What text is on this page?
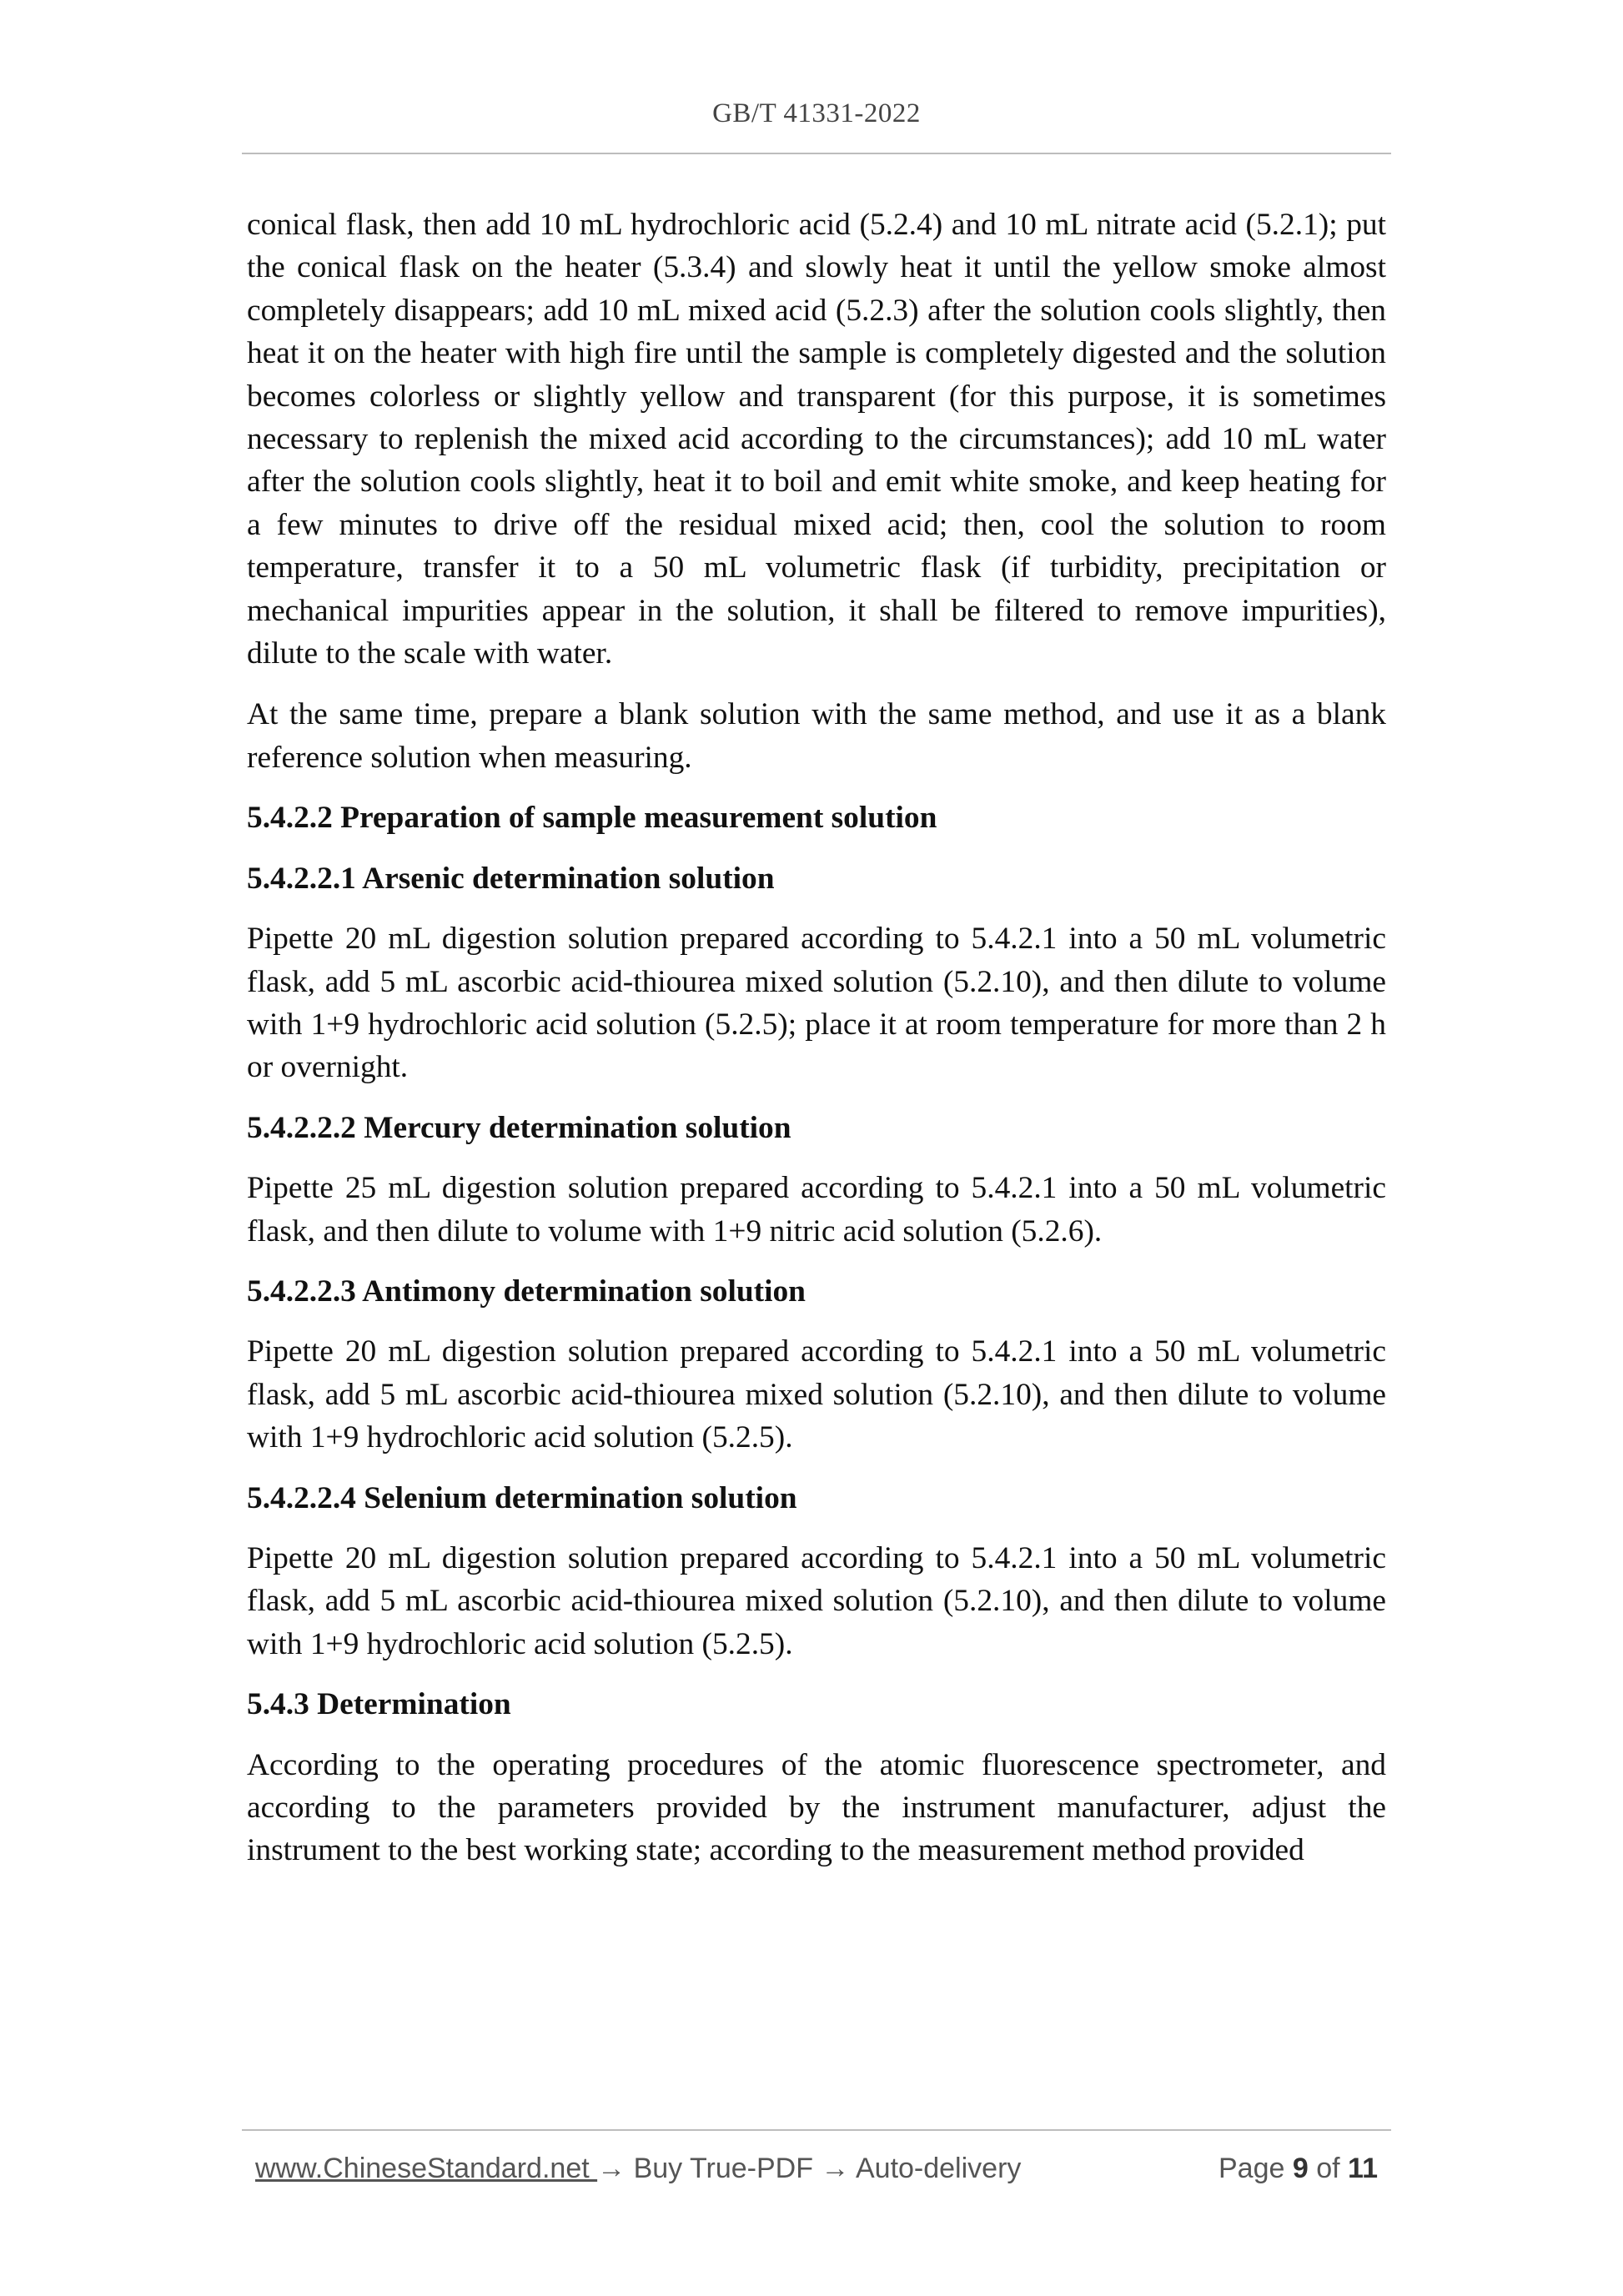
GB/T 41331-2022

conical flask, then add 10 mL hydrochloric acid (5.2.4) and 10 mL nitrate acid (5.2.1); put the conical flask on the heater (5.3.4) and slowly heat it until the yellow smoke almost completely disappears; add 10 mL mixed acid (5.2.3) after the solution cools slightly, then heat it on the heater with high fire until the sample is completely digested and the solution becomes colorless or slightly yellow and transparent (for this purpose, it is sometimes necessary to replenish the mixed acid according to the circumstances); add 10 mL water after the solution cools slightly, heat it to boil and emit white smoke, and keep heating for a few minutes to drive off the residual mixed acid; then, cool the solution to room temperature, transfer it to a 50 mL volumetric flask (if turbidity, precipitation or mechanical impurities appear in the solution, it shall be filtered to remove impurities), dilute to the scale with water.

At the same time, prepare a blank solution with the same method, and use it as a blank reference solution when measuring.

5.4.2.2 Preparation of sample measurement solution
5.4.2.2.1 Arsenic determination solution

Pipette 20 mL digestion solution prepared according to 5.4.2.1 into a 50 mL volumetric flask, add 5 mL ascorbic acid-thiourea mixed solution (5.2.10), and then dilute to volume with 1+9 hydrochloric acid solution (5.2.5); place it at room temperature for more than 2 h or overnight.

5.4.2.2.2 Mercury determination solution

Pipette 25 mL digestion solution prepared according to 5.4.2.1 into a 50 mL volumetric flask, and then dilute to volume with 1+9 nitric acid solution (5.2.6).

5.4.2.2.3 Antimony determination solution

Pipette 20 mL digestion solution prepared according to 5.4.2.1 into a 50 mL volumetric flask, add 5 mL ascorbic acid-thiourea mixed solution (5.2.10), and then dilute to volume with 1+9 hydrochloric acid solution (5.2.5).

5.4.2.2.4 Selenium determination solution

Pipette 20 mL digestion solution prepared according to 5.4.2.1 into a 50 mL volumetric flask, add 5 mL ascorbic acid-thiourea mixed solution (5.2.10), and then dilute to volume with 1+9 hydrochloric acid solution (5.2.5).

5.4.3 Determination

According to the operating procedures of the atomic fluorescence spectrometer, and according to the parameters provided by the instrument manufacturer, adjust the instrument to the best working state; according to the measurement method provided

www.ChineseStandard.net → Buy True-PDF → Auto-delivery	Page 9 of 11
